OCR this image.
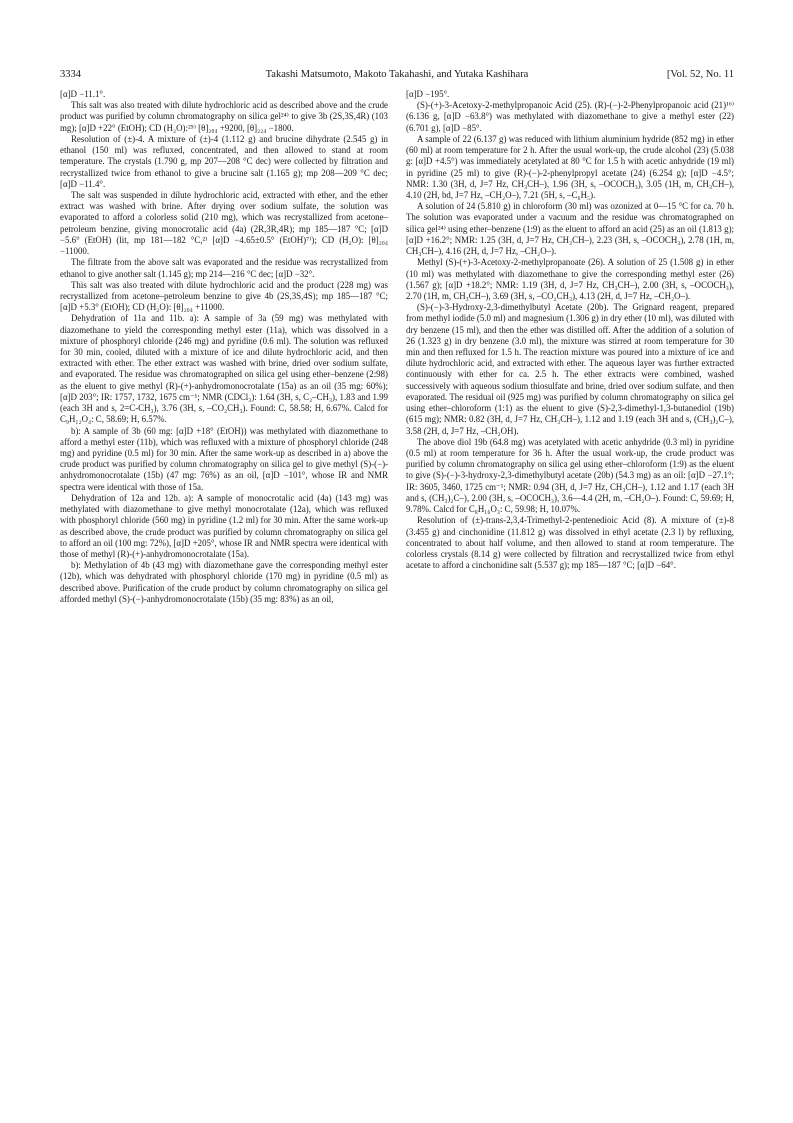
3334	Takashi Matsumoto, Makoto Takahashi, and Yutaka Kashihara	[Vol. 52, No. 11

[α]D −11.1°.

This salt was also treated with dilute hydrochloric acid as described above and the crude product was purified by column chromatography on silica gel²⁴⁾ to give 3b (2S,3S,4R) (103 mg); [α]D +22° (EtOH); CD (H₂O):²⁵⁾ [θ]₂₀₄ +9200, [θ]₂₂₄ −1800.

Resolution of (±)-4. A mixture of (±)-4 (1.112 g) and brucine dihydrate (2.545 g) in ethanol (150 ml) was refluxed, concentrated, and then allowed to stand at room temperature. The crystals (1.790 g, mp 207—208 °C dec) were collected by filtration and recrystallized twice from ethanol to give a brucine salt (1.165 g); mp 208—209 °C dec; [α]D −11.4°.

The salt was suspended in dilute hydrochloric acid, extracted with ether, and the ether extract was washed with brine. After drying over sodium sulfate, the solution was evaporated to afford a colorless solid (210 mg), which was recrystallized from acetone–petroleum benzine, giving monocrotalic acid (4a) (2R,3R,4R); mp 185—187 °C; [α]D −5.6° (EtOH) (lit, mp 181—182 °C,²⁾ [α]D −4.65±0.5° (EtOH)⁷⁾); CD (H₂O): [θ]₂₀₄ −11000.

The filtrate from the above salt was evaporated and the residue was recrystallized from ethanol to give another salt (1.145 g); mp 214—216 °C dec; [α]D −32°.

This salt was also treated with dilute hydrochloric acid and the product (228 mg) was recrystallized from acetone–petroleum benzine to give 4b (2S,3S,4S); mp 185—187 °C; [α]D +5.3° (EtOH); CD (H₂O): [θ]₂₀₄ +11000.

Dehydration of 11a and 11b. a): A sample of 3a (59 mg) was methylated with diazomethane to yield the corresponding methyl ester (11a), which was dissolved in a mixture of phosphoryl chloride (246 mg) and pyridine (0.6 ml). The solution was refluxed for 30 min, cooled, diluted with a mixture of ice and dilute hydrochloric acid, and then extracted with ether. The ether extract was washed with brine, dried over sodium sulfate, and evaporated. The residue was chromatographed on silica gel using ether–benzene (2:98) as the eluent to give methyl (R)-(+)-anhydromonocrotalate (15a) as an oil (35 mg: 60%); [α]D 203°; IR: 1757, 1732, 1675 cm⁻¹; NMR (CDCl₃): 1.64 (3H, s, C₂–CH₃), 1.83 and 1.99 (each 3H and s, 2=C-CH₃), 3.76 (3H, s, –CO₂CH₃). Found: C, 58.58; H, 6.67%. Calcd for C₉H₁₂O₄: C, 58.69; H, 6.57%.

b): A sample of 3b (60 mg: [α]D +18° (EtOH)) was methylated with diazomethane to afford a methyl ester (11b), which was refluxed with a mixture of phosphoryl chloride (248 mg) and pyridine (0.5 ml) for 30 min. After the same work-up as described in a) above the crude product was purified by column chromatography on silica gel to give methyl (S)-(−)-anhydromonocrotalate (15b) (47 mg: 76%) as an oil, [α]D −101°, whose IR and NMR spectra were identical with those of 15a.

Dehydration of 12a and 12b. a): A sample of monocrotalic acid (4a) (143 mg) was methylated with diazomethane to give methyl monocrotalate (12a), which was refluxed with phosphoryl chloride (560 mg) in pyridine (1.2 ml) for 30 min. After the same work-up as described above, the crude product was purified by column chromatography on silica gel to afford an oil (100 mg: 72%), [α]D +205°, whose IR and NMR spectra were identical with those of methyl (R)-(+)-anhydromonocrotalate (15a).

b): Methylation of 4b (43 mg) with diazomethane gave the corresponding methyl ester (12b), which was dehydrated with phosphoryl chloride (170 mg) in pyridine (0.5 ml) as described above. Purification of the crude product by column chromatography on silica gel afforded methyl (S)-(−)-anhydromonocrotalate (15b) (35 mg: 83%) as an oil,

[α]D −195°.

(S)-(+)-3-Acetoxy-2-methylpropanoic Acid (25). (R)-(−)-2-Phenylpropanoic acid (21)¹⁶⁾ (6.136 g, [α]D −63.8°) was methylated with diazomethane to give a methyl ester (22) (6.701 g), [α]D −85°.

A sample of 22 (6.137 g) was reduced with lithium aluminium hydride (852 mg) in ether (60 ml) at room temperature for 2 h. After the usual work-up, the crude alcohol (23) (5.038 g: [α]D +4.5°) was immediately acetylated at 80 °C for 1.5 h with acetic anhydride (19 ml) in pyridine (25 ml) to give (R)-(−)-2-phenylpropyl acetate (24) (6.254 g); [α]D −4.5°; NMR: 1.30 (3H, d, J=7 Hz, CH₃CH–), 1.96 (3H, s, –OCOCH₃), 3.05 (1H, m, CH₃CH–), 4.10 (2H, bd, J=7 Hz, –CH₂O–), 7.21 (5H, s, –C₆H₅).

A solution of 24 (5.810 g) in chloroform (30 ml) was ozonized at 0—15 °C for ca. 70 h. The solution was evaporated under a vacuum and the residue was chromatographed on silica gel²⁴⁾ using ether–benzene (1:9) as the eluent to afford an acid (25) as an oil (1.813 g); [α]D +16.2°; NMR: 1.25 (3H, d, J=7 Hz, CH₃CH–), 2.23 (3H, s, –OCOCH₃), 2.78 (1H, m, CH₃CH–), 4.16 (2H, d, J=7 Hz, –CH₂O–).

Methyl (S)-(+)-3-Acetoxy-2-methylpropanoate (26). A solution of 25 (1.508 g) in ether (10 ml) was methylated with diazomethane to give the corresponding methyl ester (26) (1.567 g); [α]D +18.2°; NMR: 1.19 (3H, d, J=7 Hz, CH₃CH–), 2.00 (3H, s, –OCOCH₃), 2.70 (1H, m, CH₃CH–), 3.69 (3H, s, –CO₂CH₃), 4.13 (2H, d, J=7 Hz, –CH₂O–).

(S)-(−)-3-Hydroxy-2,3-dimethylbutyl Acetate (20b). The Grignard reagent, prepared from methyl iodide (5.0 ml) and magnesium (1.306 g) in dry ether (10 ml), was diluted with dry benzene (15 ml), and then the ether was distilled off. After the addition of a solution of 26 (1.323 g) in dry benzene (3.0 ml), the mixture was stirred at room temperature for 30 min and then refluxed for 1.5 h. The reaction mixture was poured into a mixture of ice and dilute hydrochloric acid, and extracted with ether. The aqueous layer was further extracted continuously with ether for ca. 2.5 h. The ether extracts were combined, washed successively with aqueous sodium thiosulfate and brine, dried over sodium sulfate, and then evaporated. The residual oil (925 mg) was purified by column chromatography on silica gel using ether–chloroform (1:1) as the eluent to give (S)-2,3-dimethyl-1,3-butanediol (19b) (615 mg); NMR: 0.82 (3H, d, J=7 Hz, CH₃CH–), 1.12 and 1.19 (each 3H and s, (CH₃)₂C–), 3.58 (2H, d, J=7 Hz, –CH₂OH).

The above diol 19b (64.8 mg) was acetylated with acetic anhydride (0.3 ml) in pyridine (0.5 ml) at room temperature for 36 h. After the usual work-up, the crude product was purified by column chromatography on silica gel using ether–chloroform (1:9) as the eluent to give (S)-(−)-3-hydroxy-2,3-dimethylbutyl acetate (20b) (54.3 mg) as an oil: [α]D −27.1°; IR: 3605, 3460, 1725 cm⁻¹; NMR: 0.94 (3H, d, J=7 Hz, CH₃CH–), 1.12 and 1.17 (each 3H and s, (CH₃)₂C–), 2.00 (3H, s, –OCOCH₃), 3.6—4.4 (2H, m, –CH₂O–). Found: C, 59.69; H, 9.78%. Calcd for C₈H₁₆O₃: C, 59.98; H, 10.07%.

Resolution of (±)-trans-2,3,4-Trimethyl-2-pentenedioic Acid (8). A mixture of (±)-8 (3.455 g) and cinchonidine (11.812 g) was dissolved in ethyl acetate (2.3 l) by refluxing, concentrated to about half volume, and then allowed to stand at room temperature. The colorless crystals (8.14 g) were collected by filtration and recrystallized twice from ethyl acetate to afford a cinchonidine salt (5.537 g); mp 185—187 °C; [α]D −64°.
